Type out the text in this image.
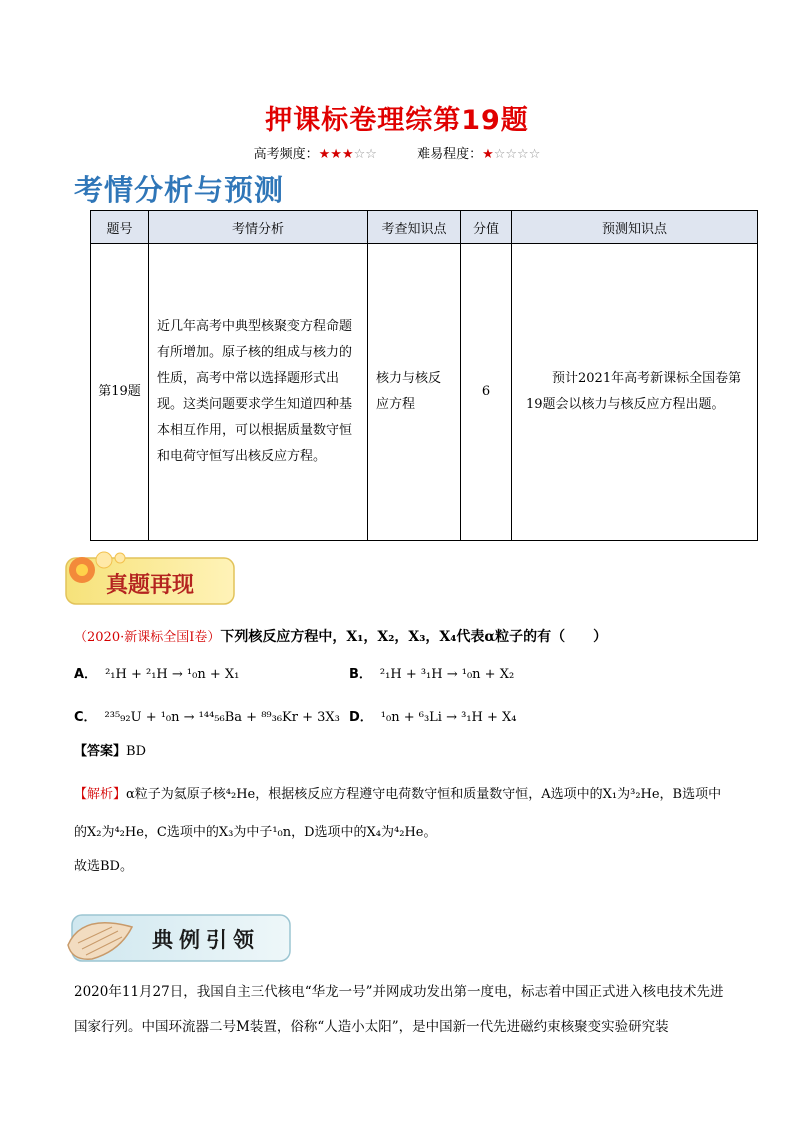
押课标卷理综第19题
高考频度：★★★☆☆	难易程度：★☆☆☆☆
考情分析与预测
题号	考情分析	考查知识点	分值	预测知识点
第19题	近几年高考中典型核聚变方程命题有所增加。原子核的组成与核力的性质，高考中常以选择题形式出现。这类问题要求学生知道四种基本相互作用，可以根据质量数守恒和电荷守恒写出核反应方程。	核力与核反应方程	6	预计2021年高考新课标全国卷第19题会以核力与核反应方程出题。
真题再现
（2020·新课标全国Ⅰ卷）下列核反应方程中，X₁，X₂，X₃，X₄代表α粒子的有（　　）
A． ²₁H + ²₁H → ¹₀n + X₁	B． ²₁H + ³₁H → ¹₀n + X₂
C． ²³⁵₉₂U + ¹₀n → ¹⁴⁴₅₆Ba + ⁸⁹₃₆Kr + 3X₃ D． ¹₀n + ⁶₃Li → ³₁H + X₄
【答案】BD
【解析】α粒子为氦原子核⁴₂He，根据核反应方程遵守电荷数守恒和质量数守恒，A选项中的X₁为³₂He，B选项中的X₂为⁴₂He，C选项中的X₃为中子¹₀n，D选项中的X₄为⁴₂He。
故选BD。
典例引领
2020年11月27日，我国自主三代核电“华龙一号”并网成功发出第一度电，标志着中国正式进入核电技术先进国家行列。中国环流器二号M装置，俗称“人造小太阳”，是中国新一代先进磁约束核聚变实验研究装
